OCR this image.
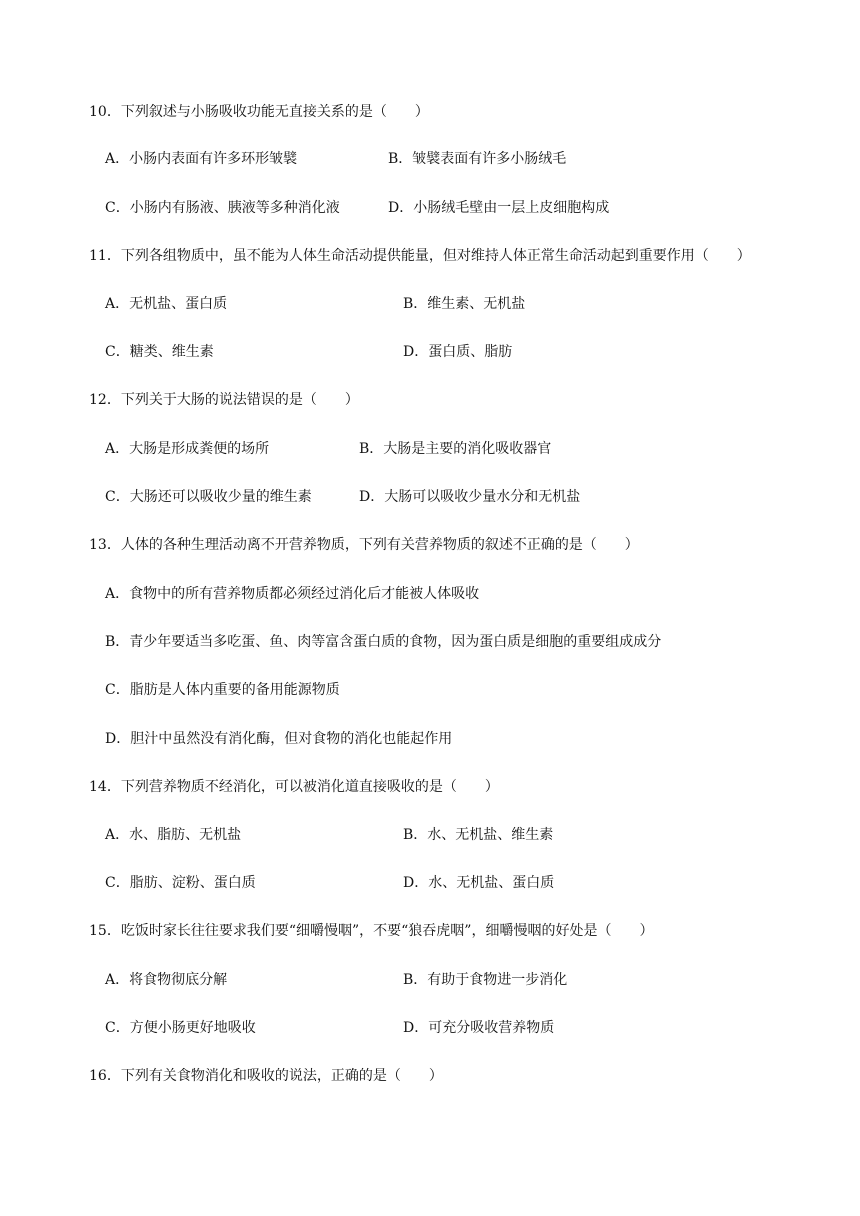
10．下列叙述与小肠吸收功能无直接关系的是（　　）
A．小肠内表面有许多环形皱襞	B．皱襞表面有许多小肠绒毛
C．小肠内有肠液、胰液等多种消化液	D．小肠绒毛壁由一层上皮细胞构成
11．下列各组物质中，虽不能为人体生命活动提供能量，但对维持人体正常生命活动起到重要作用（　　）
A．无机盐、蛋白质	B．维生素、无机盐
C．糖类、维生素	D．蛋白质、脂肪
12．下列关于大肠的说法错误的是（　　）
A．大肠是形成粪便的场所	B．大肠是主要的消化吸收器官
C．大肠还可以吸收少量的维生素	D．大肠可以吸收少量水分和无机盐
13．人体的各种生理活动离不开营养物质，下列有关营养物质的叙述不正确的是（　　）
A．食物中的所有营养物质都必须经过消化后才能被人体吸收
B．青少年要适当多吃蛋、鱼、肉等富含蛋白质的食物，因为蛋白质是细胞的重要组成成分
C．脂肪是人体内重要的备用能源物质
D．胆汁中虽然没有消化酶，但对食物的消化也能起作用
14．下列营养物质不经消化，可以被消化道直接吸收的是（　　）
A．水、脂肪、无机盐	B．水、无机盐、维生素
C．脂肪、淀粉、蛋白质	D．水、无机盐、蛋白质
15．吃饭时家长往往要求我们要“细嚼慢咽”，不要“狼吞虎咽”，细嚼慢咽的好处是（　　）
A．将食物彻底分解	B．有助于食物进一步消化
C．方便小肠更好地吸收	D．可充分吸收营养物质
16．下列有关食物消化和吸收的说法，正确的是（　　）
